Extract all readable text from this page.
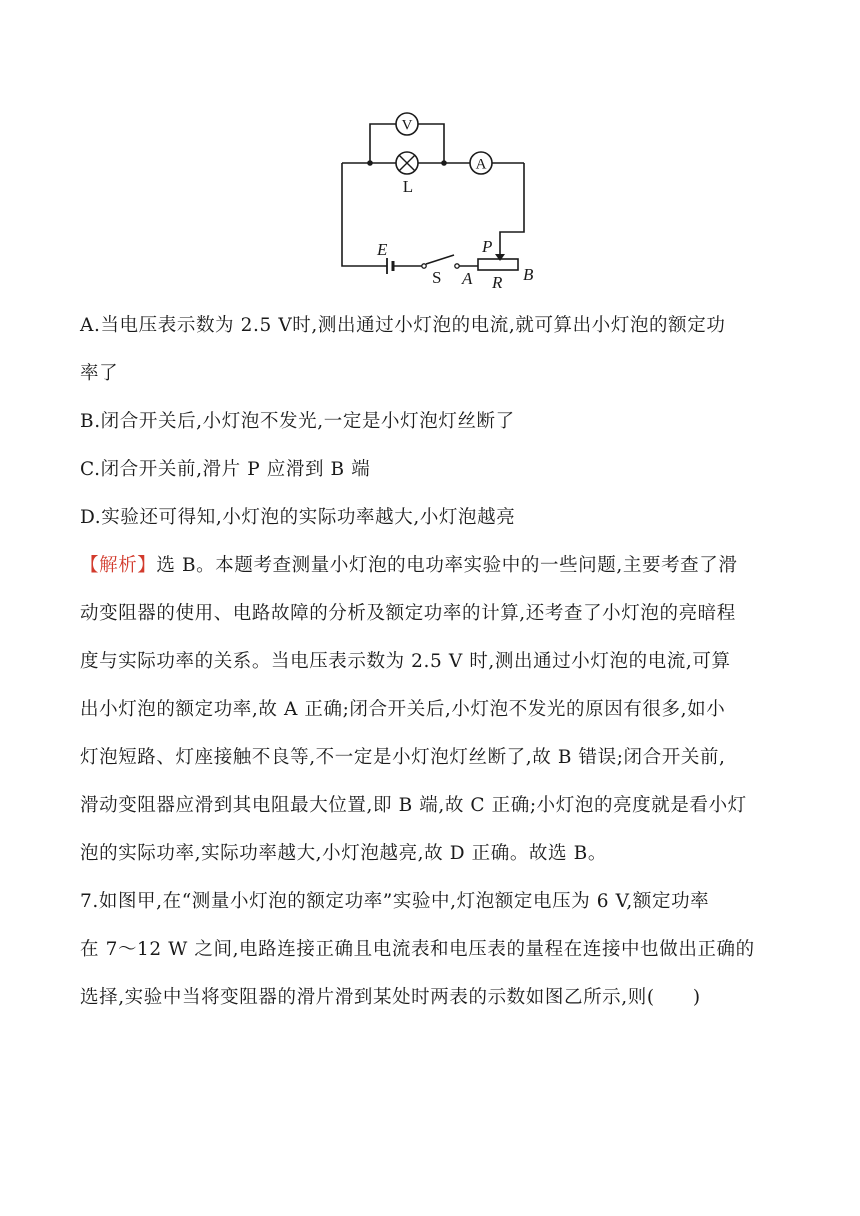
V
A
L
E
S
P
A R B
A.当电压表示数为 2.5 V时,测出通过小灯泡的电流,就可算出小灯泡的额定功
率了
B.闭合开关后,小灯泡不发光,一定是小灯泡灯丝断了
C.闭合开关前,滑片 P 应滑到 B 端
D.实验还可得知,小灯泡的实际功率越大,小灯泡越亮
【解析】选 B。本题考查测量小灯泡的电功率实验中的一些问题,主要考查了滑
动变阻器的使用、电路故障的分析及额定功率的计算,还考查了小灯泡的亮暗程
度与实际功率的关系。当电压表示数为 2.5 V 时,测出通过小灯泡的电流,可算
出小灯泡的额定功率,故 A 正确;闭合开关后,小灯泡不发光的原因有很多,如小
灯泡短路、灯座接触不良等,不一定是小灯泡灯丝断了,故 B 错误;闭合开关前,
滑动变阻器应滑到其电阻最大位置,即 B 端,故 C 正确;小灯泡的亮度就是看小灯
泡的实际功率,实际功率越大,小灯泡越亮,故 D 正确。故选 B。
7.如图甲,在“测量小灯泡的额定功率”实验中,灯泡额定电压为 6 V,额定功率
在 7～12 W 之间,电路连接正确且电流表和电压表的量程在连接中也做出正确的
选择,实验中当将变阻器的滑片滑到某处时两表的示数如图乙所示,则(　　)
